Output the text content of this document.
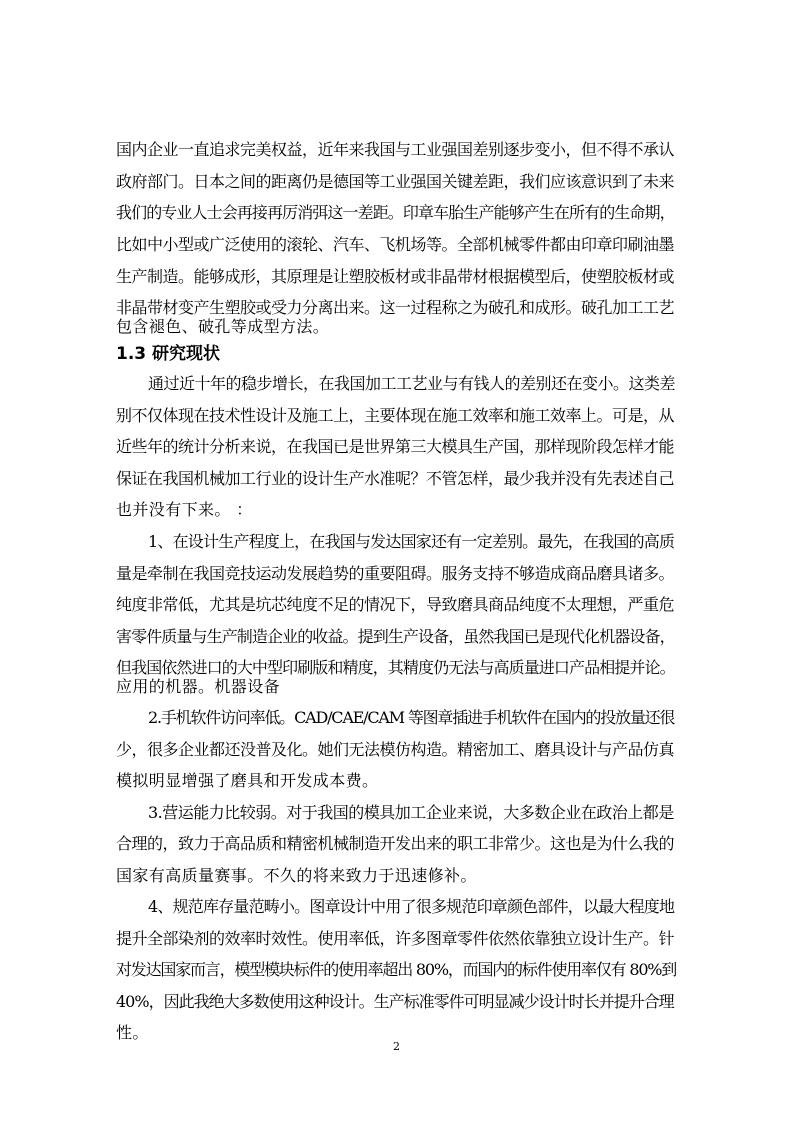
国内企业一直追求完美权益，近年来我国与工业强国差别逐步变小，但不得不承认
政府部门。日本之间的距离仍是德国等工业强国关键差距，我们应该意识到了未来
我们的专业人士会再接再厉消弭这一差距。印章车胎生产能够产生在所有的生命期，
比如中小型或广泛使用的滚轮、汽车、飞机场等。全部机械零件都由印章印刷油墨
生产制造。能够成形，其原理是让塑胶板材或非晶带材根据模型后，使塑胶板材或
非晶带材变产生塑胶或受力分离出来。这一过程称之为破孔和成形。破孔加工工艺
包含褪色、破孔等成型方法。
1.3 研究现状
通过近十年的稳步增长，在我国加工工艺业与有钱人的差别还在变小。这类差
别不仅体现在技术性设计及施工上，主要体现在施工效率和施工效率上。可是，从
近些年的统计分析来说，在我国已是世界第三大模具生产国，那样现阶段怎样才能
保证在我国机械加工行业的设计生产水准呢？不管怎样，最少我并没有先表述自己
也并没有下来。 ：
1、在设计生产程度上，在我国与发达国家还有一定差别。最先，在我国的高质
量是牵制在我国竞技运动发展趋势的重要阻碍。服务支持不够造成商品磨具诸多。
纯度非常低，尤其是坑芯纯度不足的情况下，导致磨具商品纯度不太理想，严重危
害零件质量与生产制造企业的收益。提到生产设备，虽然我国已是现代化机器设备，
但我国依然进口的大中型印刷版和精度，其精度仍无法与高质量进口产品相提并论。
应用的机器。机器设备
2.手机软件访问率低。CAD/CAE/CAM 等图章插进手机软件在国内的投放量还很
少，很多企业都还没普及化。她们无法模仿构造。精密加工、磨具设计与产品仿真
模拟明显增强了磨具和开发成本费。
3.营运能力比较弱。对于我国的模具加工企业来说，大多数企业在政治上都是
合理的，致力于高品质和精密机械制造开发出来的职工非常少。这也是为什么我的
国家有高质量赛事。不久的将来致力于迅速修补。
4、规范库存量范畴小。图章设计中用了很多规范印章颜色部件，以最大程度地
提升全部染剂的效率时效性。使用率低，许多图章零件依然依靠独立设计生产。针
对发达国家而言，模型模块标件的使用率超出 80%，而国内的标件使用率仅有 80%到
40%，因此我绝大多数使用这种设计。生产标准零件可明显减少设计时长并提升合理
性。
2
